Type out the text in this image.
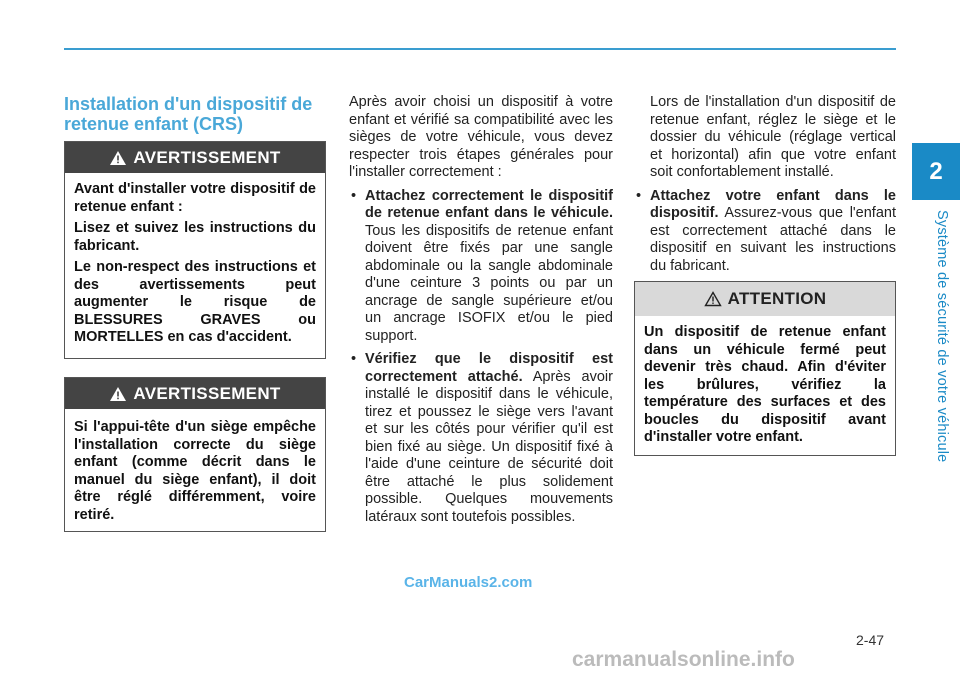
2
Système de sécurité de votre véhicule
Installation d'un dispositif de retenue enfant (CRS)
AVERTISSEMENT

Avant d'installer votre dispositif de retenue enfant :

Lisez et suivez les instructions du fabricant.

Le non-respect des instructions et des avertissements peut augmenter le risque de BLESSURES GRAVES ou MORTELLES en cas d'accident.

AVERTISSEMENT

Si l'appui-tête d'un siège empêche l'installation correcte du siège enfant (comme décrit dans le manuel du siège enfant), il doit être réglé différemment, voire retiré.

Après avoir choisi un dispositif à votre enfant et vérifié sa compatibilité avec les sièges de votre véhicule, vous devez respecter trois étapes générales pour l'installer correctement :

• Attachez correctement le dispositif de retenue enfant dans le véhicule. Tous les dispositifs de retenue enfant doivent être fixés par une sangle abdominale ou la sangle abdominale d'une ceinture 3 points ou par un ancrage de sangle supérieure et/ou un ancrage ISOFIX et/ou le pied support.
• Vérifiez que le dispositif est correctement attaché. Après avoir installé le dispositif dans le véhicule, tirez et poussez le siège vers l'avant et sur les côtés pour vérifier qu'il est bien fixé au siège. Un dispositif fixé à l'aide d'une ceinture de sécurité doit être attaché le plus solidement possible. Quelques mouvements latéraux sont toutefois possibles.

Lors de l'installation d'un dispositif de retenue enfant, réglez le siège et le dossier du véhicule (réglage vertical et horizontal) afin que votre enfant soit confortablement installé.

• Attachez votre enfant dans le dispositif. Assurez-vous que l'enfant est correctement attaché dans le dispositif en suivant les instructions du fabricant.
ATTENTION

Un dispositif de retenue enfant dans un véhicule fermé peut devenir très chaud. Afin d'éviter les brûlures, vérifiez la température des surfaces et des boucles du dispositif avant d'installer votre enfant.

CarManuals2.com
2-47
carmanualsonline.info
